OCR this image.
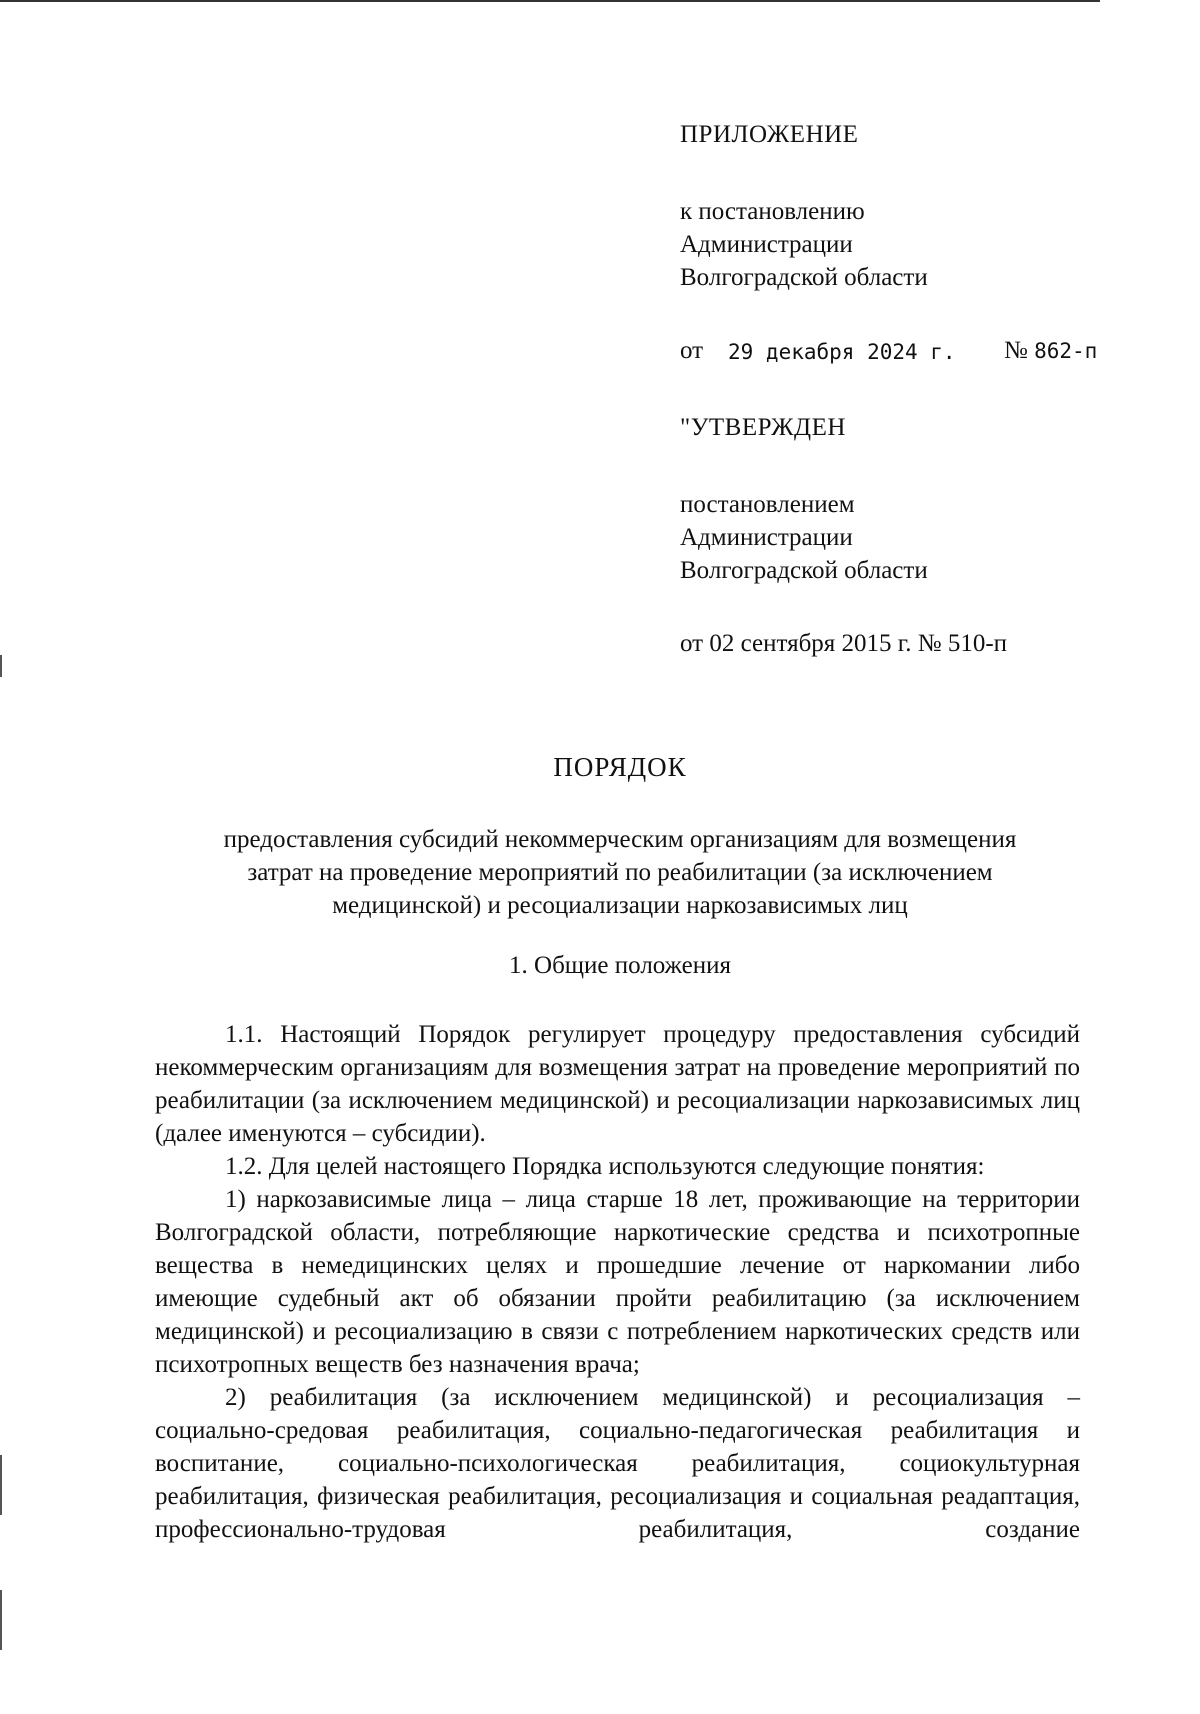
ПРИЛОЖЕНИЕ
к постановлению
Администрации
Волгоградской области
от 29 декабря 2024 г. № 862-п
"УТВЕРЖДЕН
постановлением
Администрации
Волгоградской области
от 02 сентября 2015 г. № 510-п
ПОРЯДОК
предоставления субсидий некоммерческим организациям для возмещения
затрат на проведение мероприятий по реабилитации (за исключением
медицинской) и ресоциализации наркозависимых лиц
1. Общие положения

1.1. Настоящий Порядок регулирует процедуру предоставления субсидий некоммерческим организациям для возмещения затрат на проведение мероприятий по реабилитации (за исключением медицинской) и ресоциализации наркозависимых лиц (далее именуются – субсидии).

1.2. Для целей настоящего Порядка используются следующие понятия:

1) наркозависимые лица – лица старше 18 лет, проживающие на территории Волгоградской области, потребляющие наркотические средства и психотропные вещества в немедицинских целях и прошедшие лечение от наркомании либо имеющие судебный акт об обязании пройти реабилитацию (за исключением медицинской) и ресоциализацию в связи с потреблением наркотических средств или психотропных веществ без назначения врача;

2) реабилитация (за исключением медицинской) и ресоциализация – социально-средовая реабилитация, социально-педагогическая реабилитация и воспитание, социально-психологическая реабилитация, социокультурная реабилитация, физическая реабилитация, ресоциализация и социальная реадаптация, профессионально-трудовая реабилитация, создание
